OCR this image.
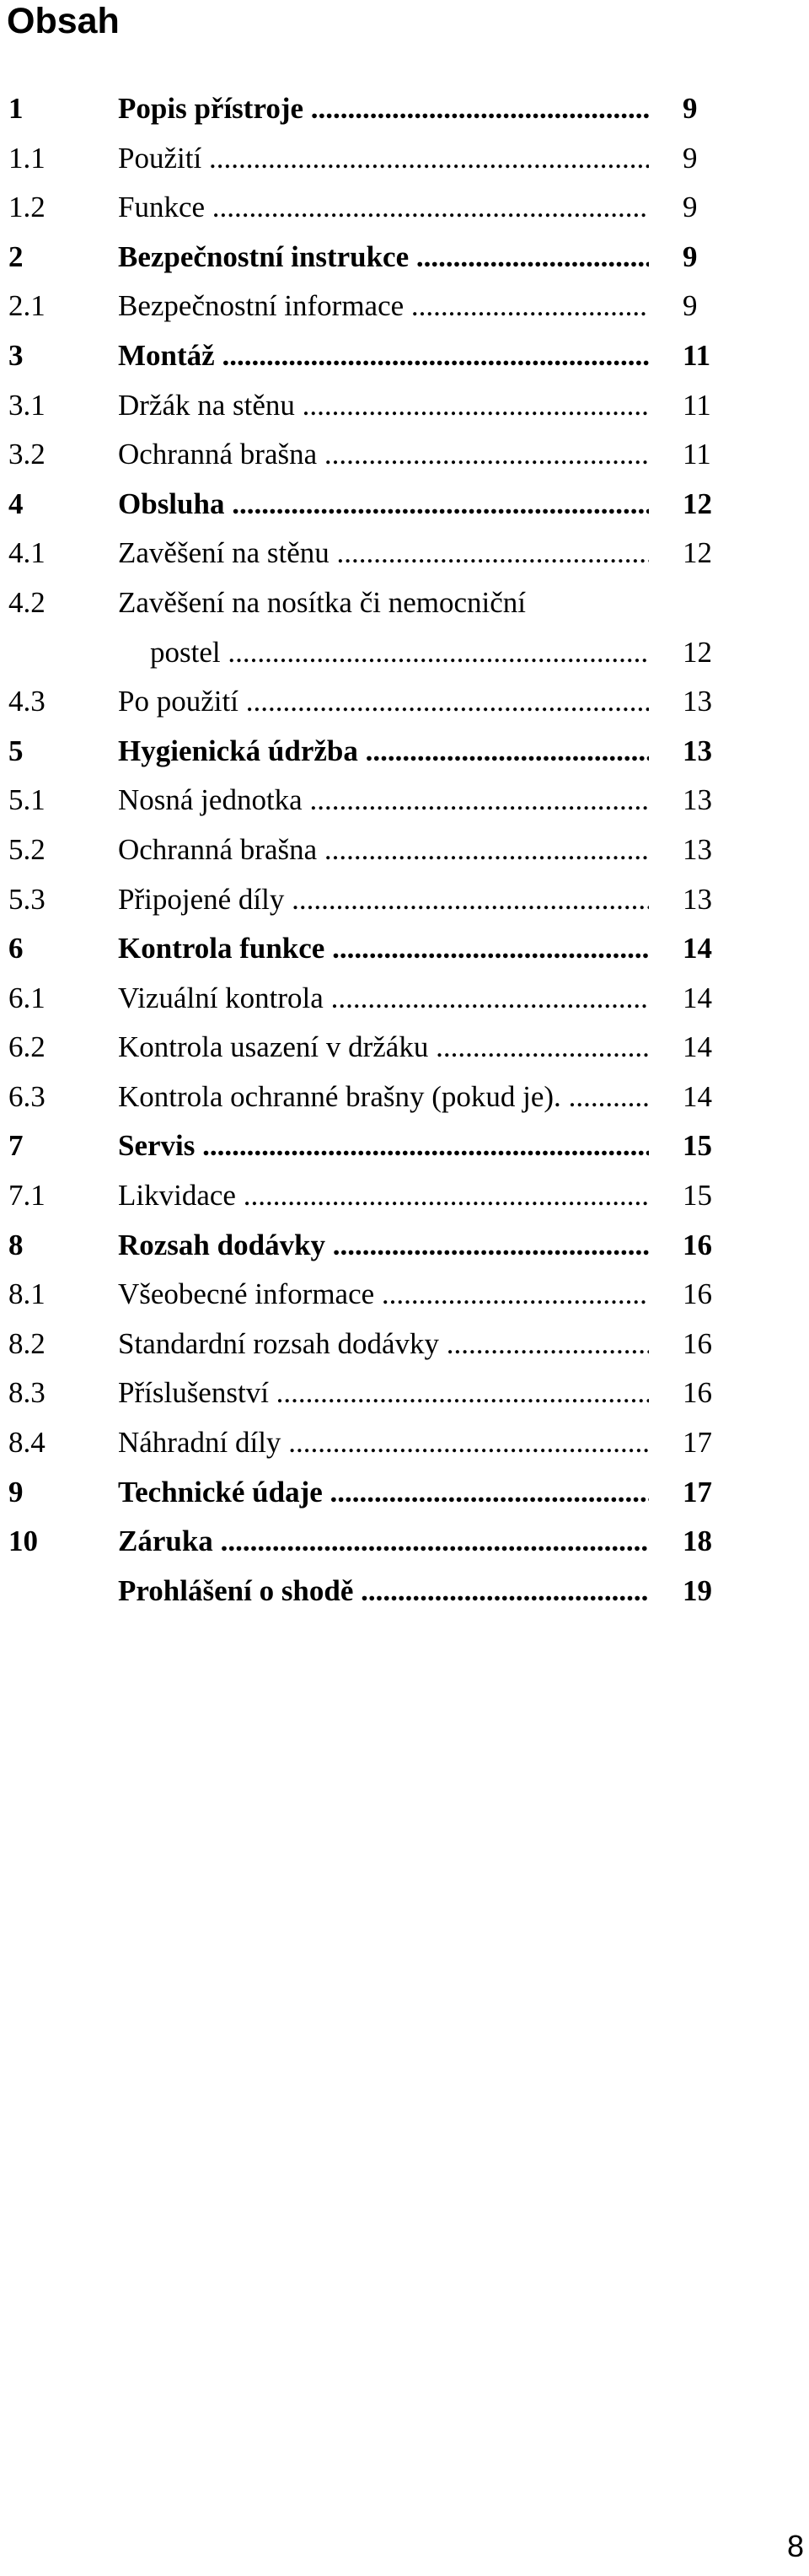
Obsah
1	Popis přístroje .....	9
1.1 Použití .....	9
1.2 Funkce .....	9
2	Bezpečnostní instrukce .....	9
2.1 Bezpečnostní informace .....	9
3	Montáž .....	11
3.1 Držák na stěnu .....	11
3.2 Ochranná brašna .....	11
4	Obsluha .....	12
4.1 Zavěšení na stěnu .....	12
4.2 Zavěšení na nosítka či nemocniční
postel .....	12
4.3 Po použití .....	13
5	Hygienická údržba .....	13
5.1 Nosná jednotka .....	13
5.2 Ochranná brašna .....	13
5.3 Připojené díly .....	13
6	Kontrola funkce .....	14
6.1 Vizuální kontrola .....	14
6.2 Kontrola usazení v držáku .....	14
6.3 Kontrola ochranné brašny (pokud je). .....	14
7	Servis .....	15
7.1 Likvidace .....	15
8	Rozsah dodávky .....	16
8.1 Všeobecné informace .....	16
8.2 Standardní rozsah dodávky .....	16
8.3 Příslušenství .....	16
8.4 Náhradní díly .....	17
9	Technické údaje .....	17
10	Záruka .....	18
Prohlášení o shodě .....	19
8
